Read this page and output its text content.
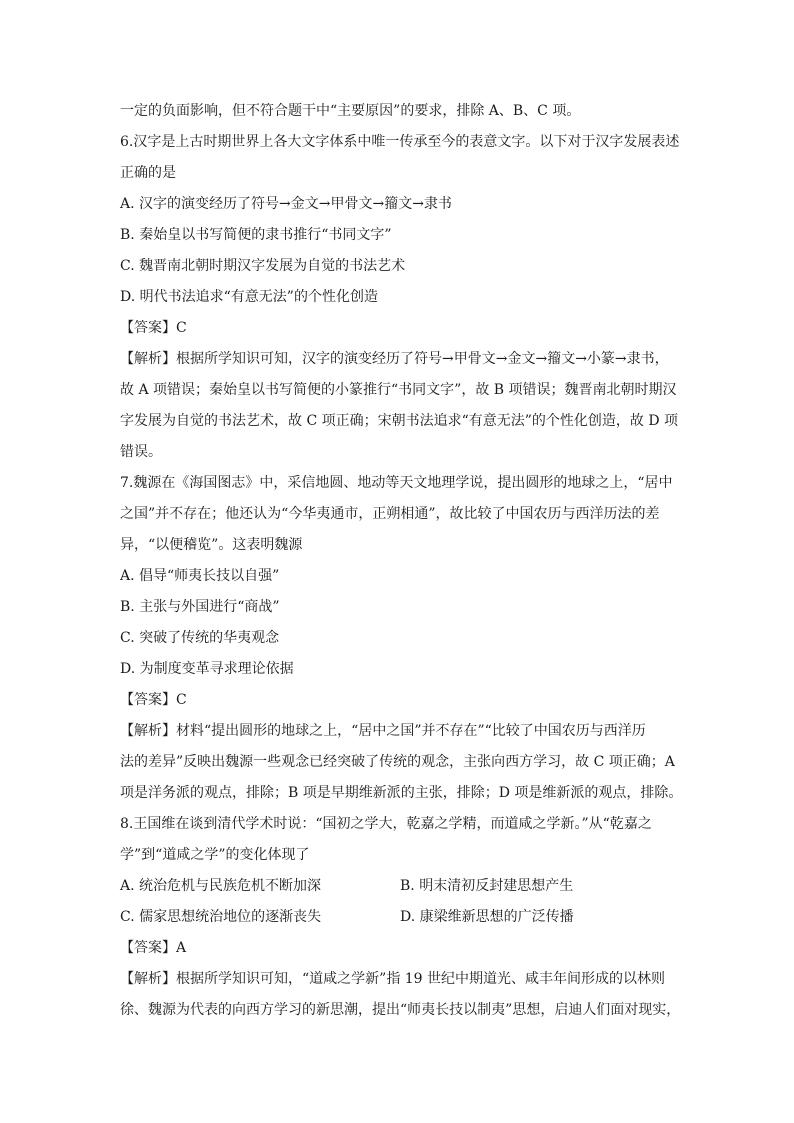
一定的负面影响，但不符合题干中“主要原因”的要求，排除 A、B、C 项。
6.汉字是上古时期世界上各大文字体系中唯一传承至今的表意文字。以下对于汉字发展表述
正确的是
A. 汉字的演变经历了符号→金文→甲骨文→籀文→隶书
B. 秦始皇以书写简便的隶书推行“书同文字”
C. 魏晋南北朝时期汉字发展为自觉的书法艺术
D. 明代书法追求“有意无法”的个性化创造
【答案】C
【解析】根据所学知识可知，汉字的演变经历了符号→甲骨文→金文→籀文→小篆→隶书，
故 A 项错误；秦始皇以书写简便的小篆推行“书同文字”，故 B 项错误；魏晋南北朝时期汉
字发展为自觉的书法艺术，故 C 项正确；宋朝书法追求“有意无法”的个性化创造，故 D 项
错误。
7.魏源在《海国图志》中，采信地圆、地动等天文地理学说，提出圆形的地球之上，“居中
之国”并不存在；他还认为“今华夷通市，正朔相通”，故比较了中国农历与西洋历法的差
异，“以便稽览”。这表明魏源
A. 倡导“师夷长技以自强”
B. 主张与外国进行“商战”
C. 突破了传统的华夷观念
D. 为制度变革寻求理论依据
【答案】C
【解析】材料“提出圆形的地球之上，“居中之国”并不存在”“比较了中国农历与西洋历
法的差异”反映出魏源一些观念已经突破了传统的观念，主张向西方学习，故 C 项正确；A
项是洋务派的观点，排除；B 项是早期维新派的主张，排除；D 项是维新派的观点，排除。
8.王国维在谈到清代学术时说：“国初之学大，乾嘉之学精，而道咸之学新。”从“乾嘉之
学”到“道咸之学”的变化体现了
A. 统治危机与民族危机不断加深	B. 明末清初反封建思想产生
C. 儒家思想统治地位的逐渐丧失	D. 康梁维新思想的广泛传播
【答案】A
【解析】根据所学知识可知，“道咸之学新”指 19 世纪中期道光、咸丰年间形成的以林则
徐、魏源为代表的向西方学习的新思潮，提出“师夷长技以制夷”思想，启迪人们面对现实，
